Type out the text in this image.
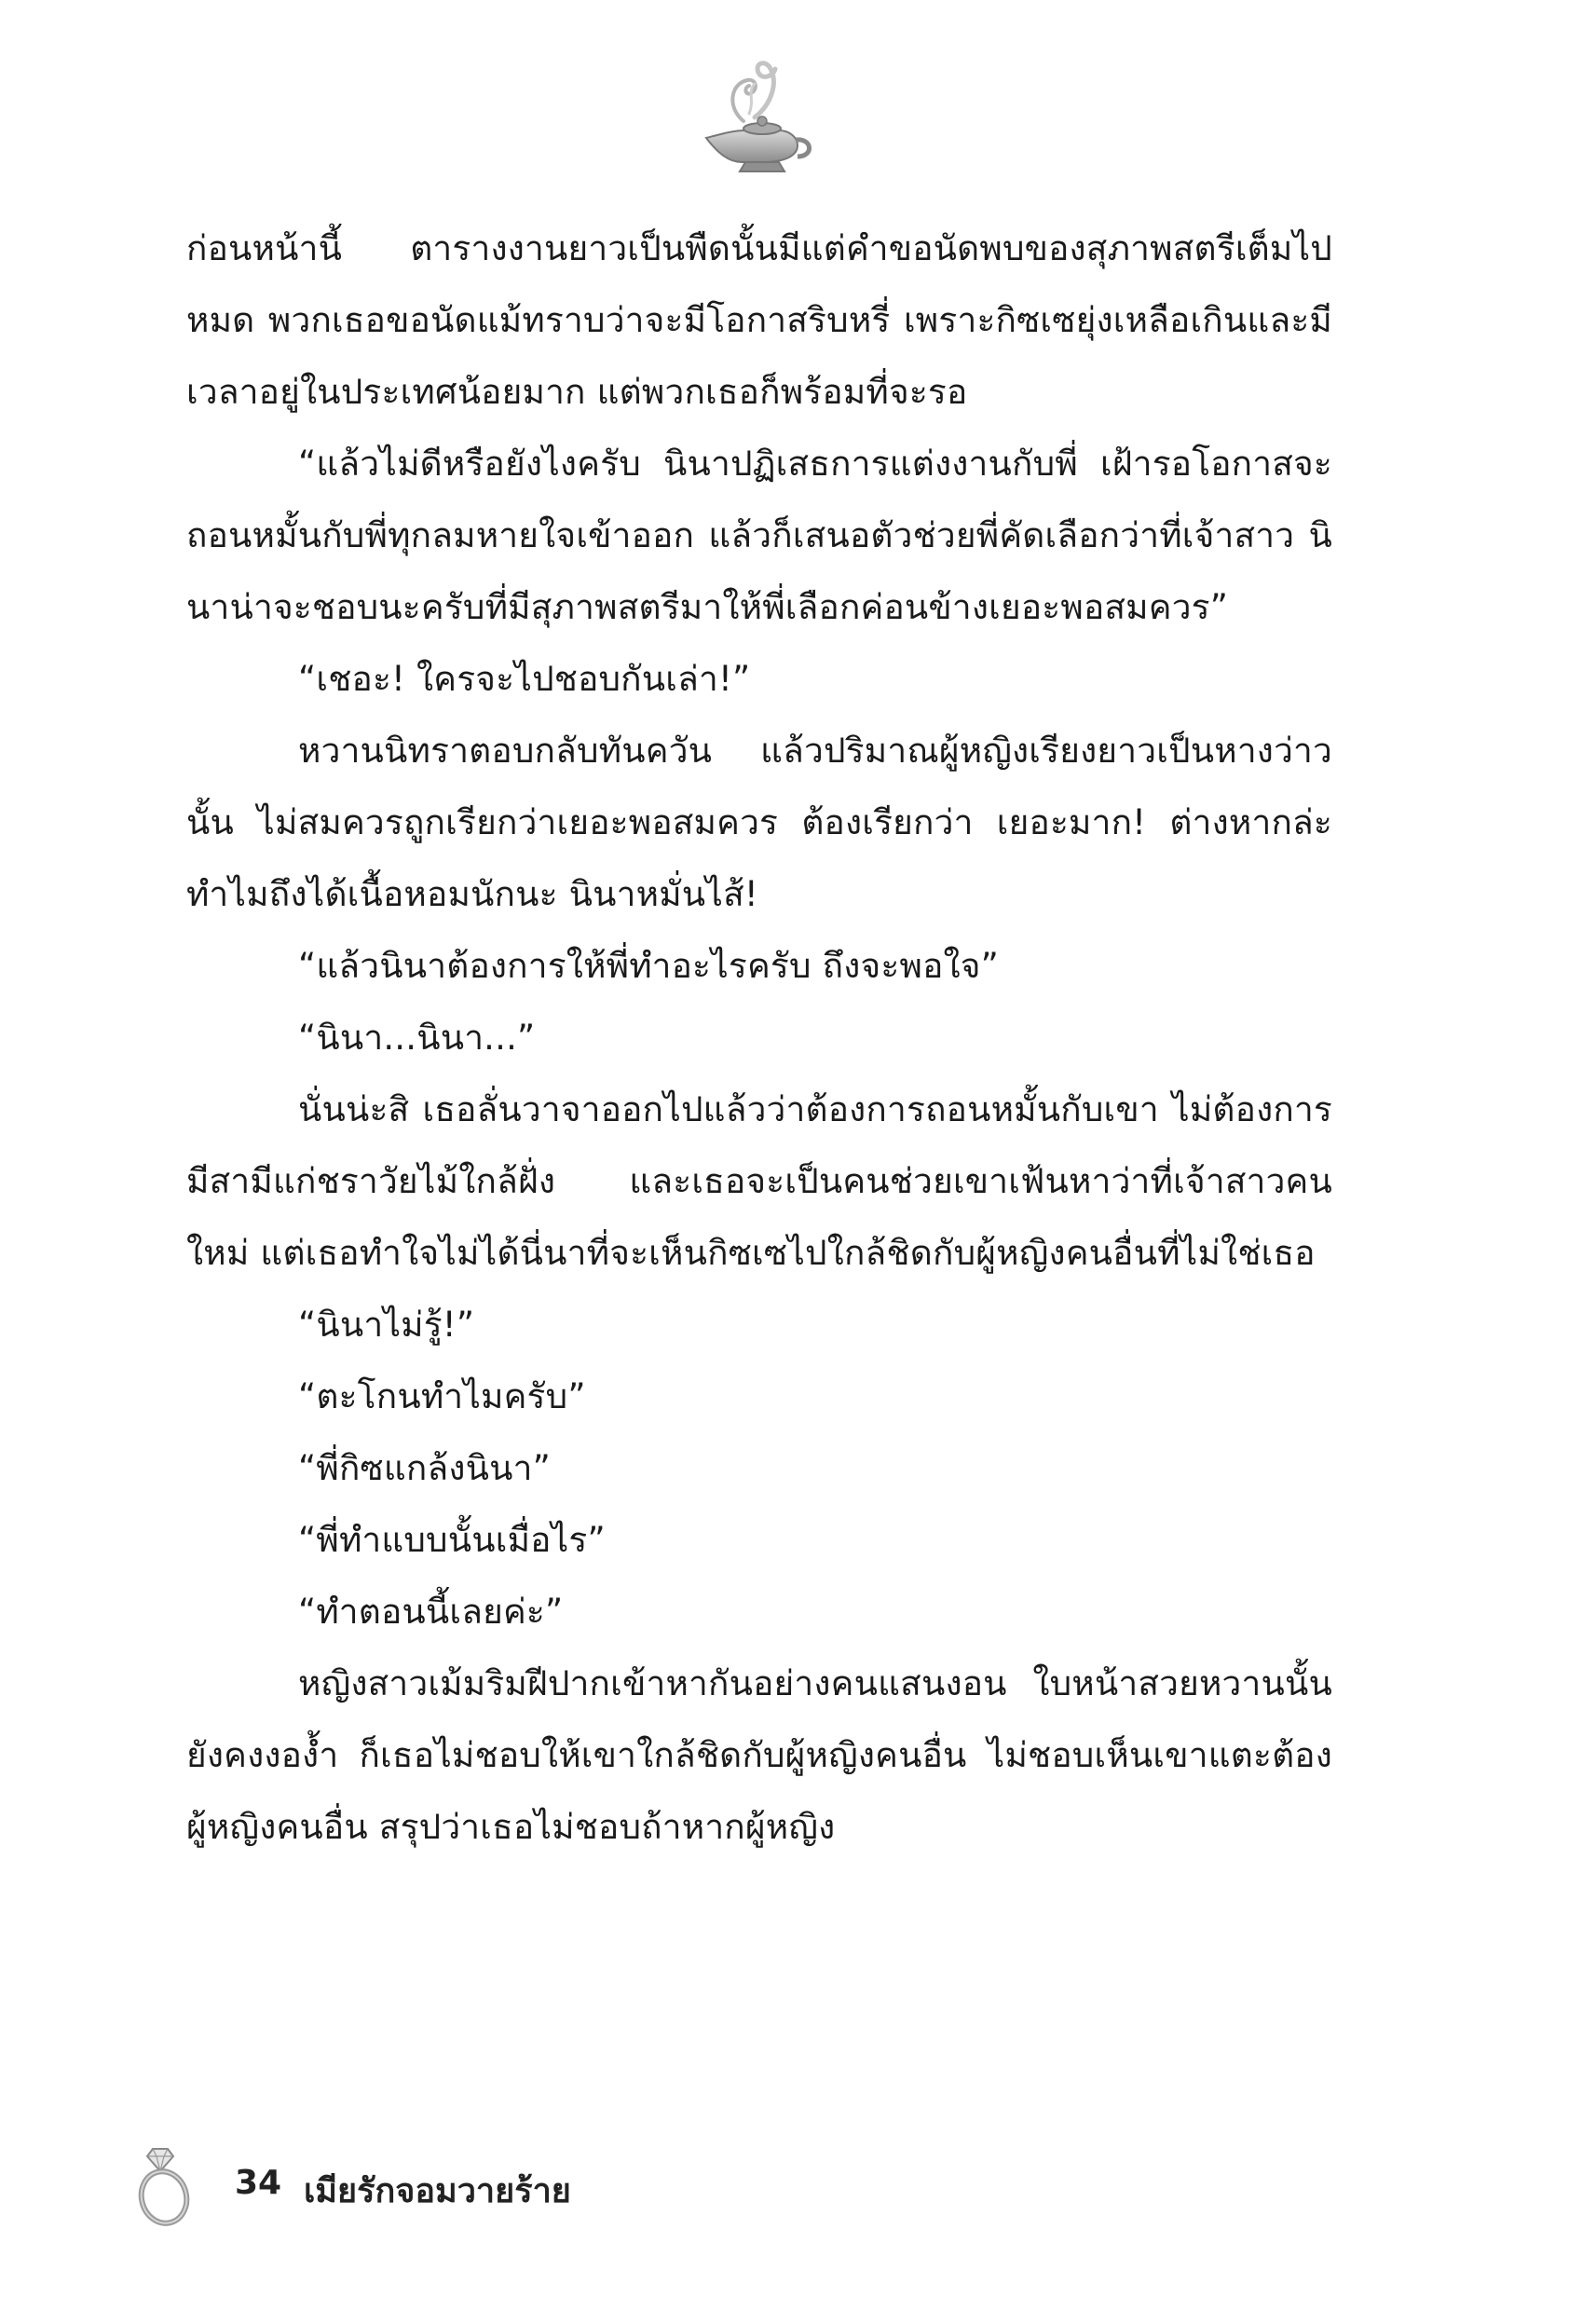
ก่อนหน้านี้ ตารางงานยาวเป็นพืดนั้นมีแต่คำขอนัดพบของสุภาพสตรีเต็มไปหมด พวกเธอขอนัดแม้ทราบว่าจะมีโอกาสริบหรี่ เพราะกิซเซยุ่งเหลือเกินและมีเวลาอยู่ในประเทศน้อยมาก แต่พวกเธอก็พร้อมที่จะรอ

“แล้วไม่ดีหรือยังไงครับ นินาปฏิเสธการแต่งงานกับพี่ เฝ้ารอโอกาสจะถอนหมั้นกับพี่ทุกลมหายใจเข้าออก แล้วก็เสนอตัวช่วยพี่คัดเลือกว่าที่เจ้าสาว นินาน่าจะชอบนะครับที่มีสุภาพสตรีมาให้พี่เลือกค่อนข้างเยอะพอสมควร”

“เชอะ! ใครจะไปชอบกันเล่า!”

หวานนิทราตอบกลับทันควัน แล้วปริมาณผู้หญิงเรียงยาวเป็นหางว่าวนั้น ไม่สมควรถูกเรียกว่าเยอะพอสมควร ต้องเรียกว่า เยอะมาก! ต่างหากล่ะ ทำไมถึงได้เนื้อหอมนักนะ นินาหมั่นไส้!

“แล้วนินาต้องการให้พี่ทำอะไรครับ ถึงจะพอใจ”

“นินา...นินา...”

นั่นน่ะสิ เธอลั่นวาจาออกไปแล้วว่าต้องการถอนหมั้นกับเขา ไม่ต้องการมีสามีแก่ชราวัยไม้ใกล้ฝั่ง และเธอจะเป็นคนช่วยเขาเฟ้นหาว่าที่เจ้าสาวคนใหม่ แต่เธอทำใจไม่ได้นี่นาที่จะเห็นกิซเซไปใกล้ชิดกับผู้หญิงคนอื่นที่ไม่ใช่เธอ

“นินาไม่รู้!”

“ตะโกนทำไมครับ”

“พี่กิซแกล้งนินา”

“พี่ทำแบบนั้นเมื่อไร”

“ทำตอนนี้เลยค่ะ”

หญิงสาวเม้มริมฝีปากเข้าหากันอย่างคนแสนงอน ใบหน้าสวยหวานนั้นยังคงงองํ้า ก็เธอไม่ชอบให้เขาใกล้ชิดกับผู้หญิงคนอื่น ไม่ชอบเห็นเขาแตะต้องผู้หญิงคนอื่น สรุปว่าเธอไม่ชอบถ้าหากผู้หญิง

34 เมียรักจอมวายร้าย
